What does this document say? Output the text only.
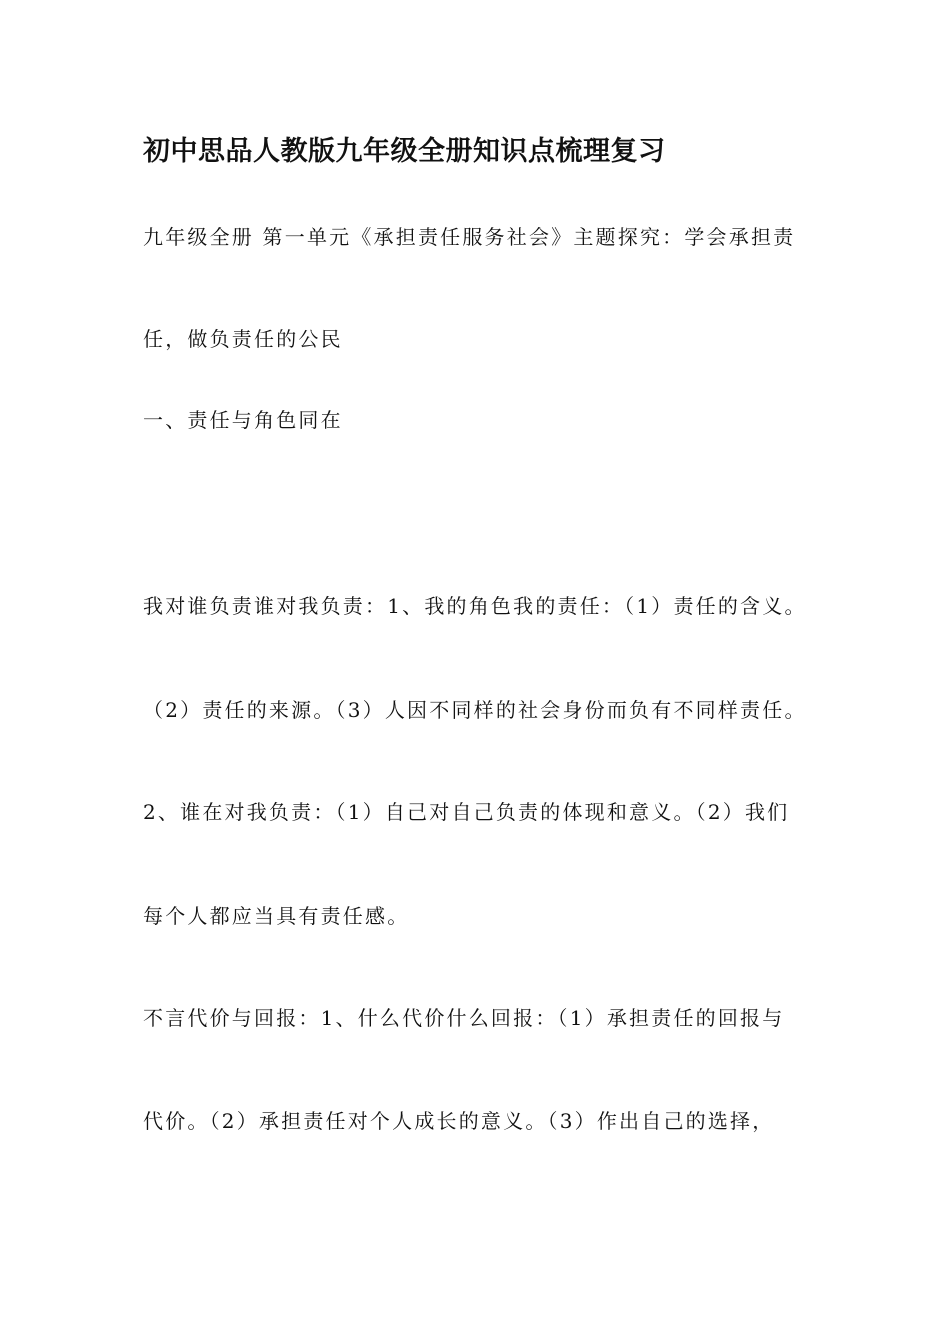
初中思品人教版九年级全册知识点梳理复习

九年级全册 第一单元《承担责任服务社会》主题探究：学会承担责

任，做负责任的公民

一、责任与角色同在

我对谁负责谁对我负责：1、我的角色我的责任：（1）责任的含义。

（2）责任的来源。（3）人因不同样的社会身份而负有不同样责任。

2、谁在对我负责：（1）自己对自己负责的体现和意义。（2）我们

每个人都应当具有责任感。

不言代价与回报：1、什么代价什么回报：（1）承担责任的回报与

代价。（2）承担责任对个人成长的意义。（3）作出自己的选择，
